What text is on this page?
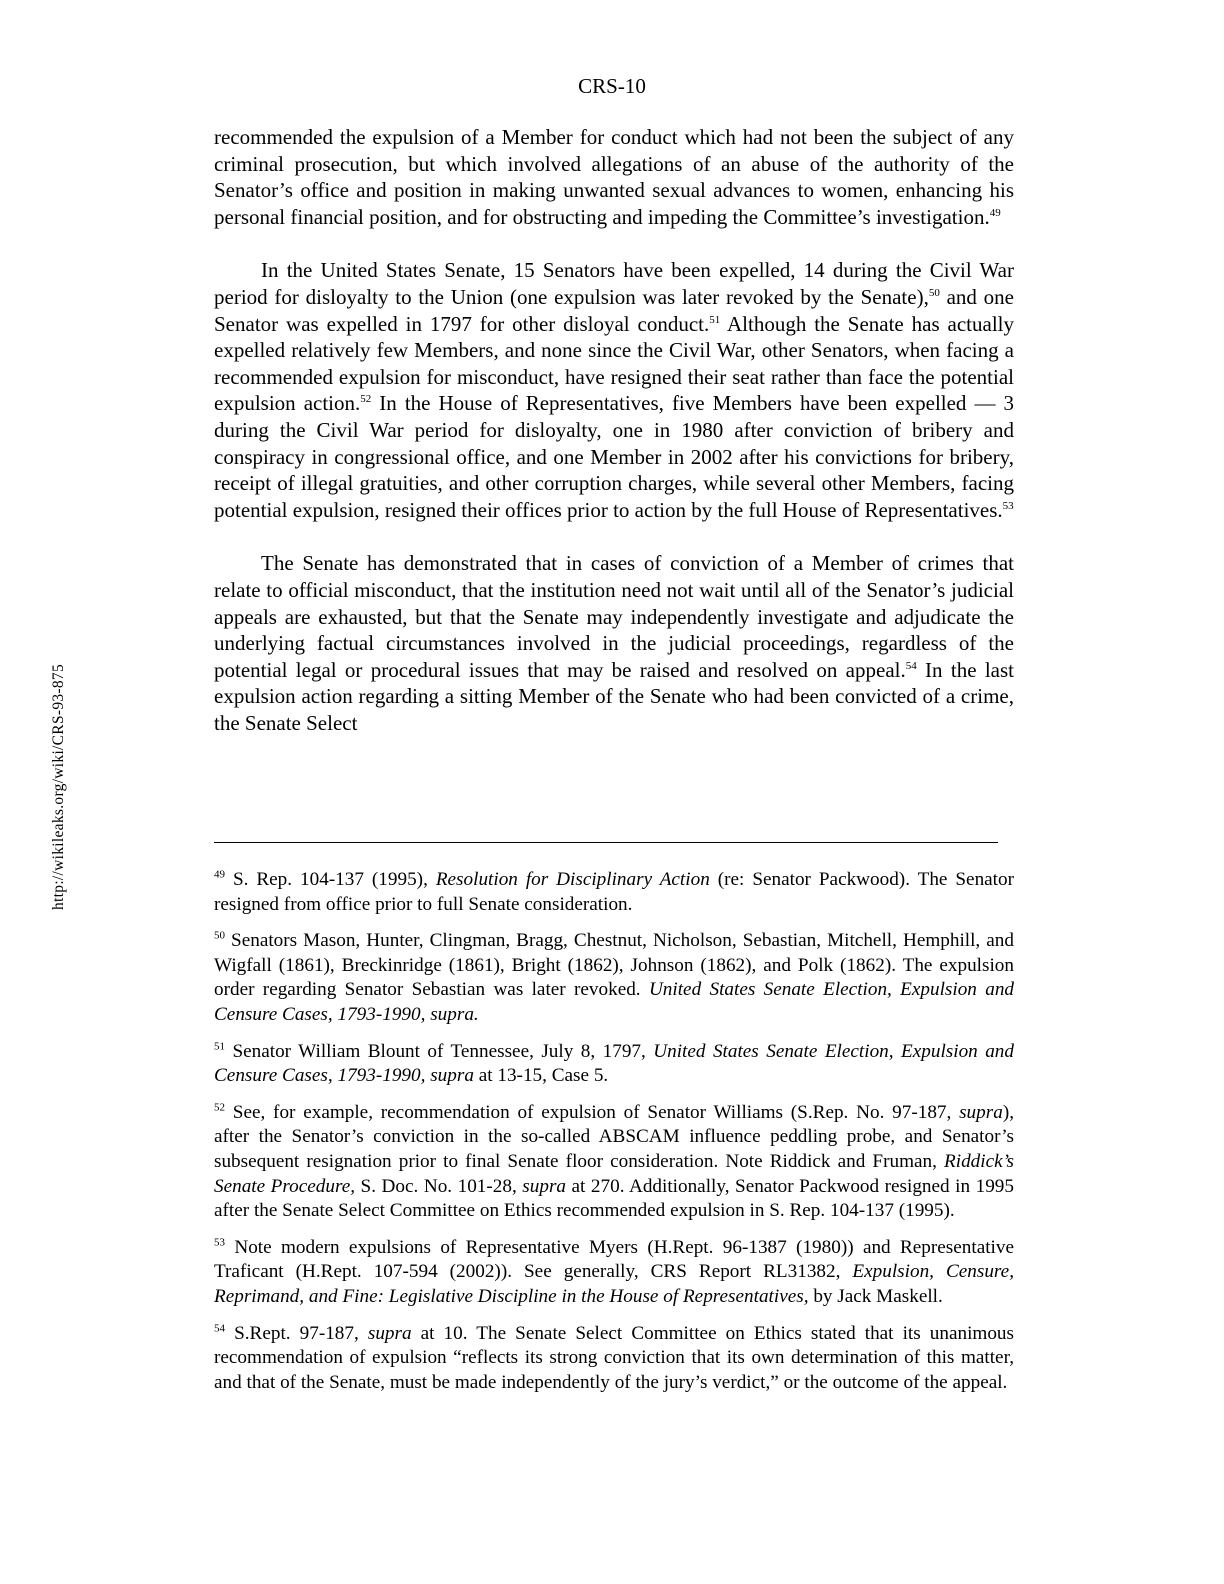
CRS-10
http://wikileaks.org/wiki/CRS-93-875

recommended the expulsion of a Member for conduct which had not been the subject of any criminal prosecution, but which involved allegations of an abuse of the authority of the Senator’s office and position in making unwanted sexual advances to women, enhancing his personal financial position, and for obstructing and impeding the Committee’s investigation.$^{49}$

In the United States Senate, 15 Senators have been expelled, 14 during the Civil War period for disloyalty to the Union (one expulsion was later revoked by the Senate),$^{50}$ and one Senator was expelled in 1797 for other disloyal conduct.$^{51}$ Although the Senate has actually expelled relatively few Members, and none since the Civil War, other Senators, when facing a recommended expulsion for misconduct, have resigned their seat rather than face the potential expulsion action.$^{52}$ In the House of Representatives, five Members have been expelled — 3 during the Civil War period for disloyalty, one in 1980 after conviction of bribery and conspiracy in congressional office, and one Member in 2002 after his convictions for bribery, receipt of illegal gratuities, and other corruption charges, while several other Members, facing potential expulsion, resigned their offices prior to action by the full House of Representatives.$^{53}$

The Senate has demonstrated that in cases of conviction of a Member of crimes that relate to official misconduct, that the institution need not wait until all of the Senator’s judicial appeals are exhausted, but that the Senate may independently investigate and adjudicate the underlying factual circumstances involved in the judicial proceedings, regardless of the potential legal or procedural issues that may be raised and resolved on appeal.$^{54}$ In the last expulsion action regarding a sitting Member of the Senate who had been convicted of a crime, the Senate Select

$^{49}$ S. Rep. 104-137 (1995), Resolution for Disciplinary Action (re: Senator Packwood). The Senator resigned from office prior to full Senate consideration.
$^{50}$ Senators Mason, Hunter, Clingman, Bragg, Chestnut, Nicholson, Sebastian, Mitchell, Hemphill, and Wigfall (1861), Breckinridge (1861), Bright (1862), Johnson (1862), and Polk (1862). The expulsion order regarding Senator Sebastian was later revoked. United States Senate Election, Expulsion and Censure Cases, 1793-1990, supra.
$^{51}$ Senator William Blount of Tennessee, July 8, 1797, United States Senate Election, Expulsion and Censure Cases, 1793-1990, supra at 13-15, Case 5.
$^{52}$ See, for example, recommendation of expulsion of Senator Williams (S.Rep. No. 97-187, supra), after the Senator’s conviction in the so-called ABSCAM influence peddling probe, and Senator’s subsequent resignation prior to final Senate floor consideration. Note Riddick and Fruman, Riddick’s Senate Procedure, S. Doc. No. 101-28, supra at 270. Additionally, Senator Packwood resigned in 1995 after the Senate Select Committee on Ethics recommended expulsion in S. Rep. 104-137 (1995).
$^{53}$ Note modern expulsions of Representative Myers (H.Rept. 96-1387 (1980)) and Representative Traficant (H.Rept. 107-594 (2002)). See generally, CRS Report RL31382, Expulsion, Censure, Reprimand, and Fine: Legislative Discipline in the House of Representatives, by Jack Maskell.
$^{54}$ S.Rept. 97-187, supra at 10. The Senate Select Committee on Ethics stated that its unanimous recommendation of expulsion “reflects its strong conviction that its own determination of this matter, and that of the Senate, must be made independently of the jury’s verdict,” or the outcome of the appeal.
